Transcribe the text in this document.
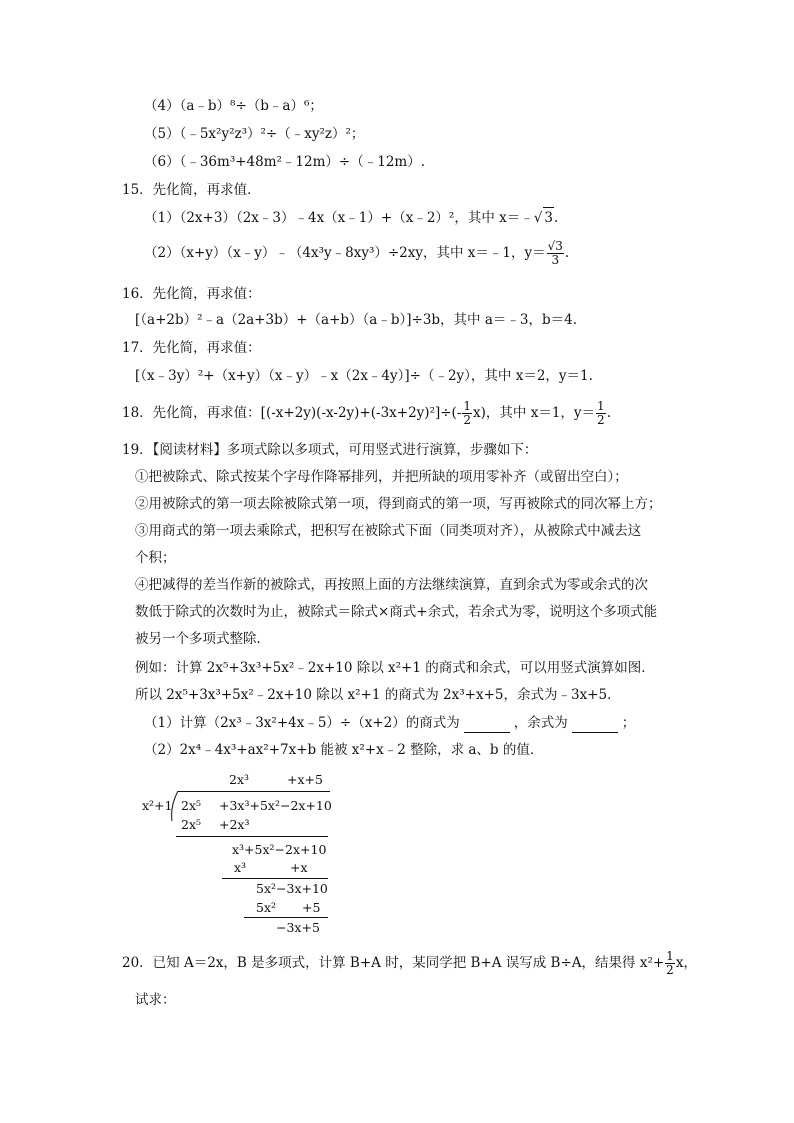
（4）（a﹣b）⁸÷（b﹣a）⁶；
（5）（﹣5x²y²z³）²÷（﹣xy²z）²；
（6）（﹣36m³+48m²﹣12m）÷（﹣12m）.
15．先化简，再求值．
（1）（2x+3）（2x﹣3）﹣4x（x﹣1）+（x﹣2）²，其中 x＝﹣√ 3.
（2）（x+y）（x﹣y）﹣（4x³y﹣8xy³）÷2xy，其中 x＝﹣1，$y= \frac{√3}{3}$ .
16．先化简，再求值：
[（a+2b）²﹣a（2a+3b）+（a+b）（a﹣b）]÷3b，其中 a＝﹣3，b＝4.
17．先化简，再求值：
[（x﹣3y）²+（x+y）（x﹣y）﹣x（2x﹣4y）]÷（﹣2y），其中 x＝2，y＝1.
18．先化简，再求值：$[(-x+2y)(-x-2y)+(-3x+2y)^2]\div(- \frac{1}{2} x)$，其中 x＝1，$y= \frac{1}{2}$ .
19．【阅读材料】多项式除以多项式，可用竖式进行演算，步骤如下：
①把被除式、除式按某个字母作降幂排列，并把所缺的项用零补齐（或留出空白）；
②用被除式的第一项去除被除式第一项，得到商式的第一项，写再被除式的同次幂上方；
③用商式的第一项去乘除式，把积写在被除式下面（同类项对齐），从被除式中减去这
个积；
④把减得的差当作新的被除式，再按照上面的方法继续演算，直到余式为零或余式的次
数低于除式的次数时为止，被除式＝除式×商式+余式，若余式为零，说明这个多项式能
被另一个多项式整除．
例如：计算 2x⁵+3x³+5x²﹣2x+10 除以 x²+1 的商式和余式，可以用竖式演算如图．
所以 2x⁵+3x³+5x²﹣2x+10 除以 x²+1 的商式为 2x³+x+5，余式为﹣3x+5．
（1）计算（2x³﹣3x²+4x﹣5）÷（x+2）的商式为	，余式为	；
（2）2x⁴﹣4x³+ax²+7x+b 能被 x²+x﹣2 整除，求 a、b 的值．
2x³	+x+5
x²+1 2x⁵ +3x³+5x²−2x+10
2x⁵ +2x³
x³+5x²−2x+10
x³	+x
5x²−3x+10
5x² +5
−3x+5
20．已知 A＝2x，B 是多项式，计算 B+A 时，某同学把 B+A 误写成 B÷A，结果得 $x^2+ \frac{1}{2}$ x，
试求：
